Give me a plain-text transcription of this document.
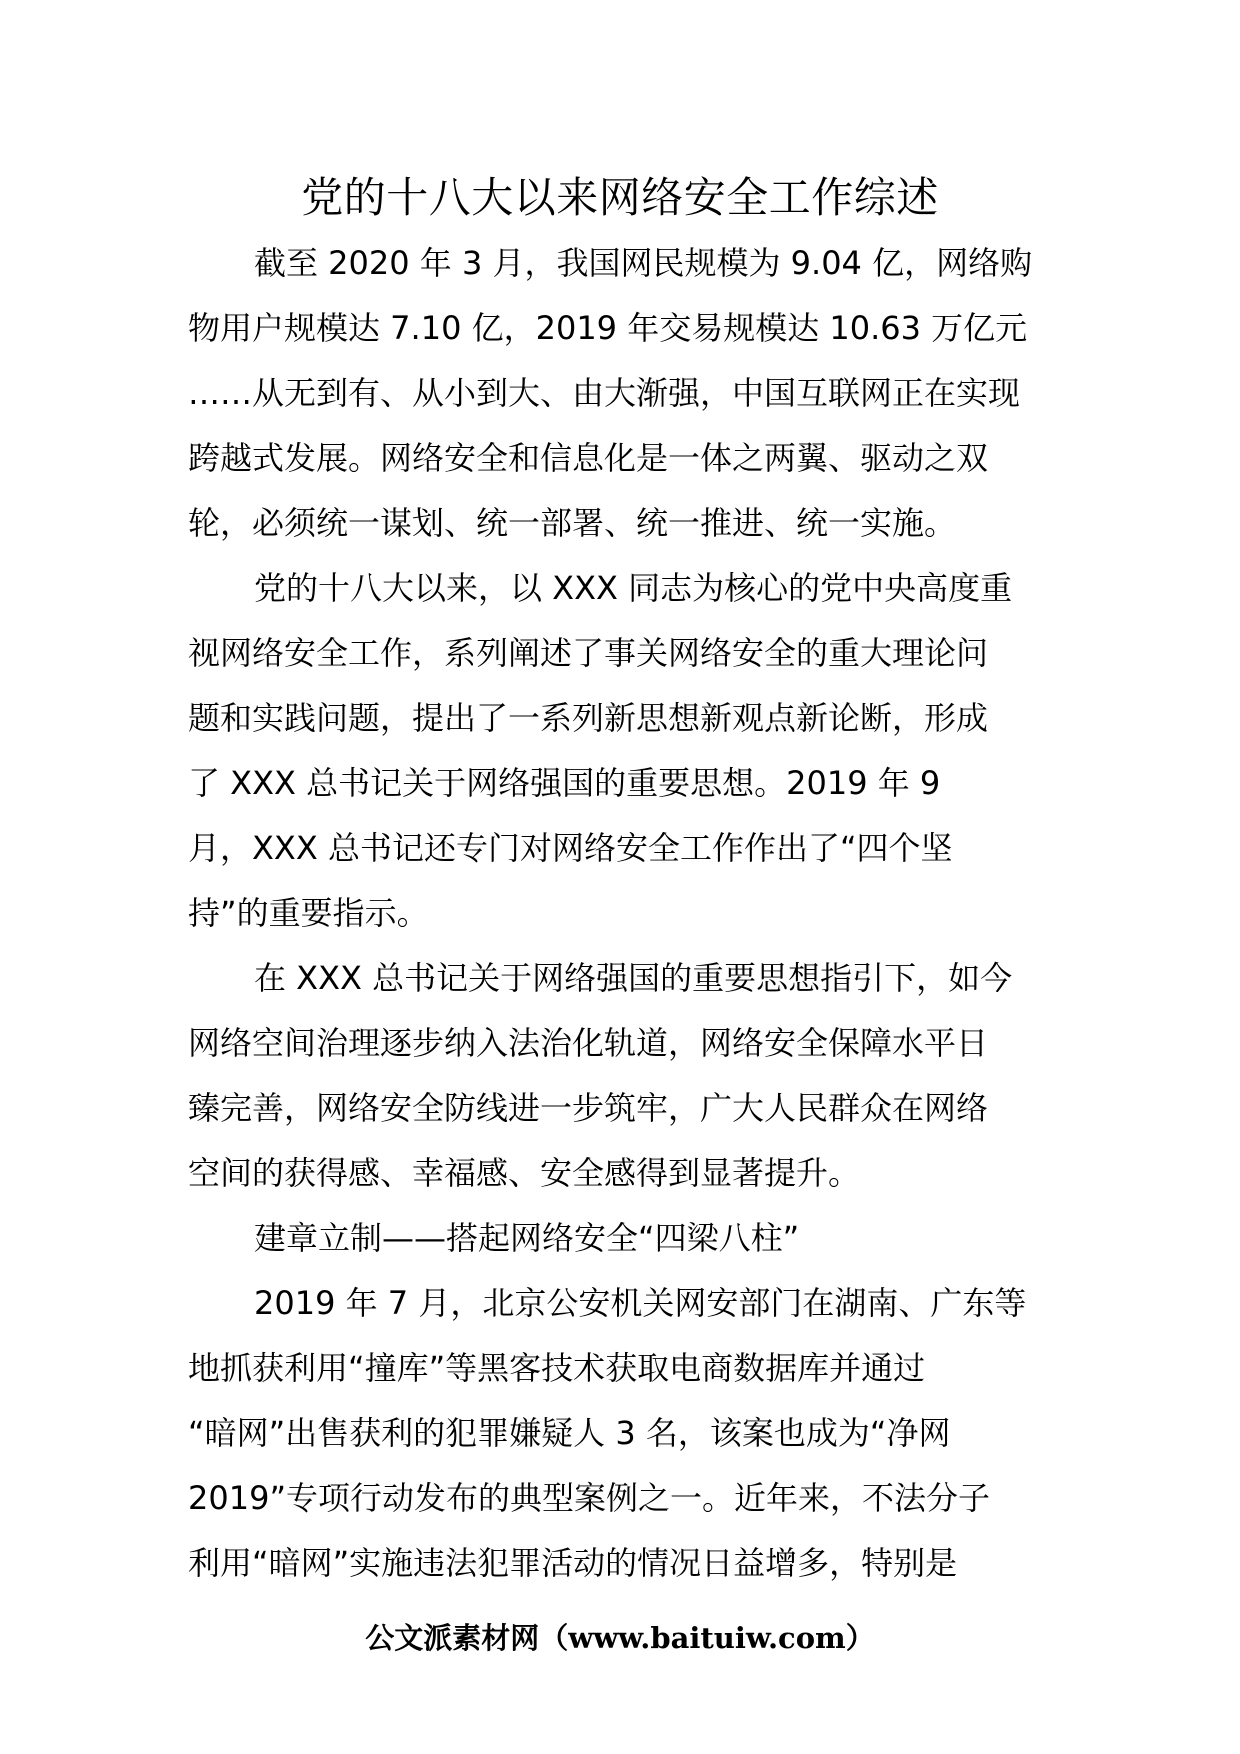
党的十八大以来网络安全工作综述
截至 2020 年 3 月，我国网民规模为 9.04 亿，网络购
物用户规模达 7.10 亿，2019 年交易规模达 10.63 万亿元
……从无到有、从小到大、由大渐强，中国互联网正在实现
跨越式发展。网络安全和信息化是一体之两翼、驱动之双
轮，必须统一谋划、统一部署、统一推进、统一实施。
党的十八大以来，以 XXX 同志为核心的党中央高度重
视网络安全工作，系列阐述了事关网络安全的重大理论问
题和实践问题，提出了一系列新思想新观点新论断，形成
了 XXX 总书记关于网络强国的重要思想。2019 年 9
月，XXX 总书记还专门对网络安全工作作出了“四个坚
持”的重要指示。
在 XXX 总书记关于网络强国的重要思想指引下，如今
网络空间治理逐步纳入法治化轨道，网络安全保障水平日
臻完善，网络安全防线进一步筑牢，广大人民群众在网络
空间的获得感、幸福感、安全感得到显著提升。
建章立制——搭起网络安全“四梁八柱”
2019 年 7 月，北京公安机关网安部门在湖南、广东等
地抓获利用“撞库”等黑客技术获取电商数据库并通过
“暗网”出售获利的犯罪嫌疑人 3 名，该案也成为“净网
2019”专项行动发布的典型案例之一。近年来，不法分子
利用“暗网”实施违法犯罪活动的情况日益增多，特别是
公文派素材网（www.baituiw.com）
